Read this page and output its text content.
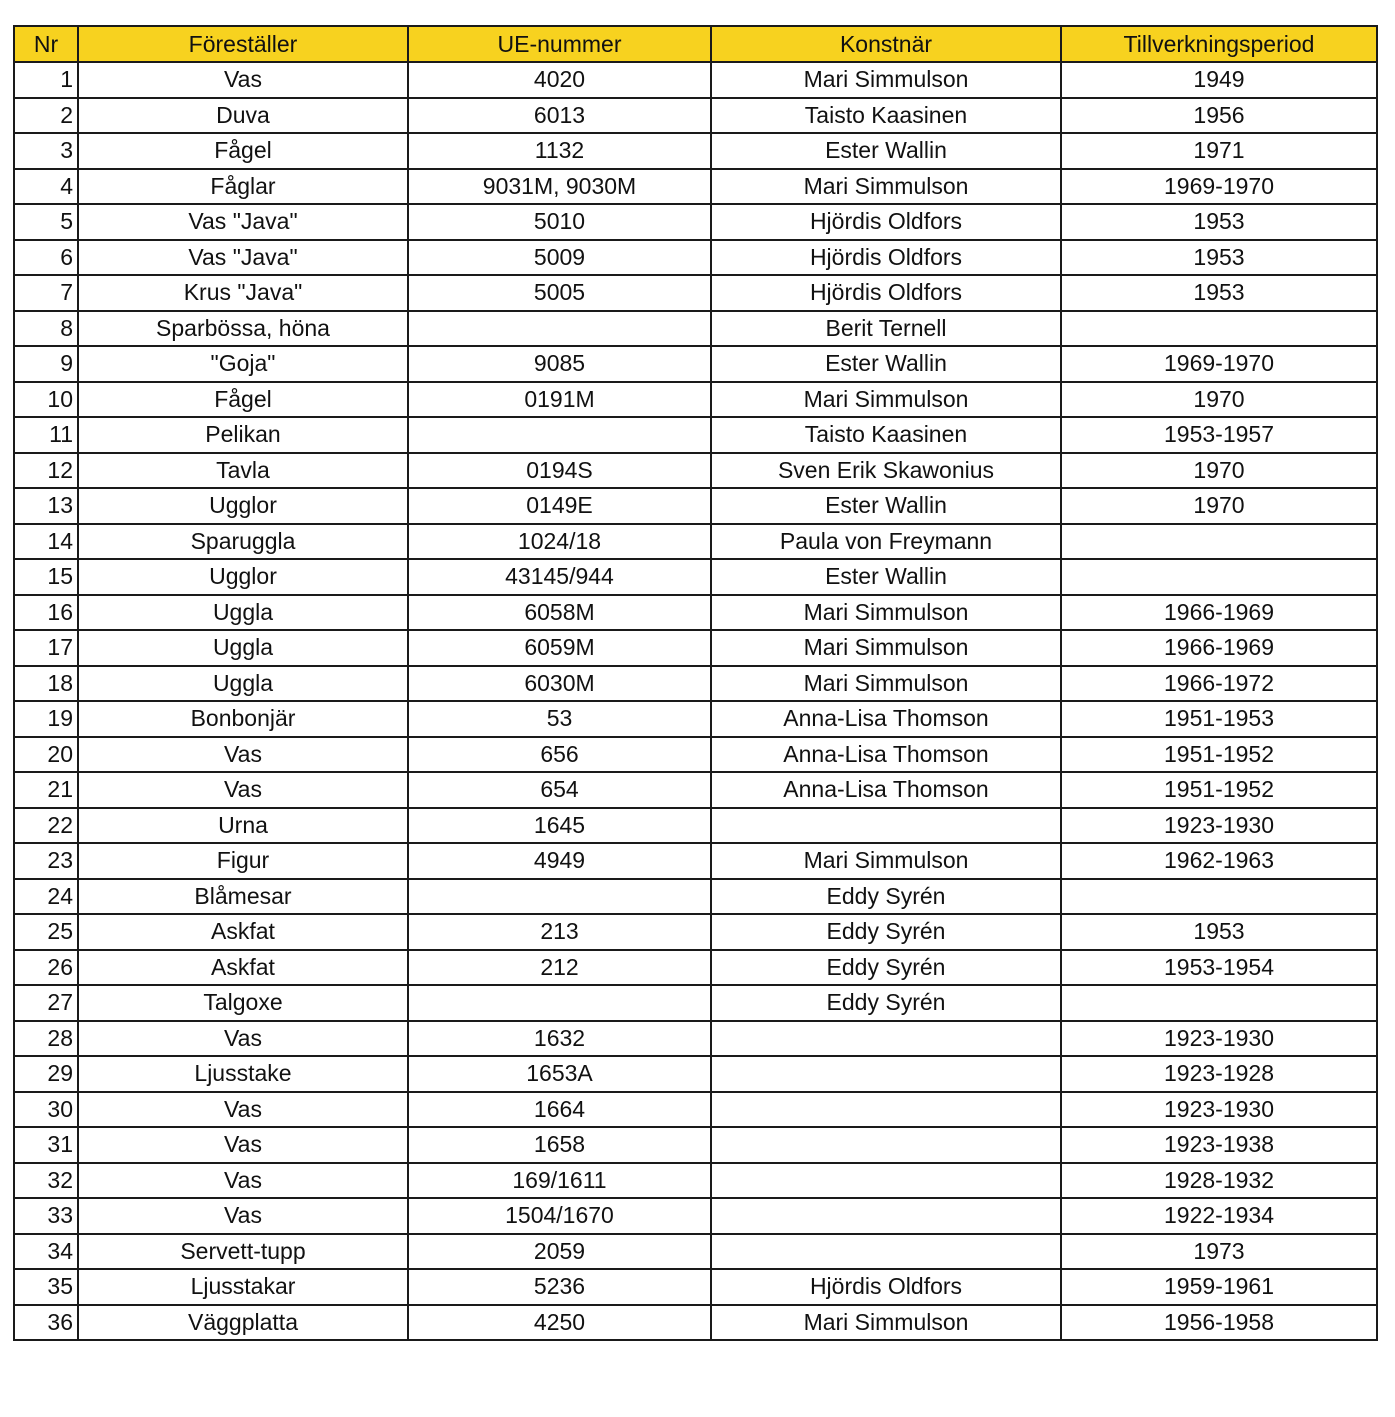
Nr	Föreställer	UE-nummer	Konstnär	Tillverkningsperiod
1	Vas	4020	Mari Simmulson	1949
2	Duva	6013	Taisto Kaasinen	1956
3	Fågel	1132	Ester Wallin	1971
4	Fåglar	9031M, 9030M	Mari Simmulson	1969-1970
5	Vas "Java"	5010	Hjördis Oldfors	1953
6	Vas "Java"	5009	Hjördis Oldfors	1953
7	Krus "Java"	5005	Hjördis Oldfors	1953
8	Sparbössa, höna		Berit Ternell	
9	"Goja"	9085	Ester Wallin	1969-1970
10	Fågel	0191M	Mari Simmulson	1970
11	Pelikan		Taisto Kaasinen	1953-1957
12	Tavla	0194S	Sven Erik Skawonius	1970
13	Ugglor	0149E	Ester Wallin	1970
14	Sparuggla	1024/18	Paula von Freymann	
15	Ugglor	43145/944	Ester Wallin	
16	Uggla	6058M	Mari Simmulson	1966-1969
17	Uggla	6059M	Mari Simmulson	1966-1969
18	Uggla	6030M	Mari Simmulson	1966-1972
19	Bonbonjär	53	Anna-Lisa Thomson	1951-1953
20	Vas	656	Anna-Lisa Thomson	1951-1952
21	Vas	654	Anna-Lisa Thomson	1951-1952
22	Urna	1645		1923-1930
23	Figur	4949	Mari Simmulson	1962-1963
24	Blåmesar		Eddy Syrén	
25	Askfat	213	Eddy Syrén	1953
26	Askfat	212	Eddy Syrén	1953-1954
27	Talgoxe		Eddy Syrén	
28	Vas	1632		1923-1930
29	Ljusstake	1653A		1923-1928
30	Vas	1664		1923-1930
31	Vas	1658		1923-1938
32	Vas	169/1611		1928-1932
33	Vas	1504/1670		1922-1934
34	Servett-tupp	2059		1973
35	Ljusstakar	5236	Hjördis Oldfors	1959-1961
36	Väggplatta	4250	Mari Simmulson	1956-1958
